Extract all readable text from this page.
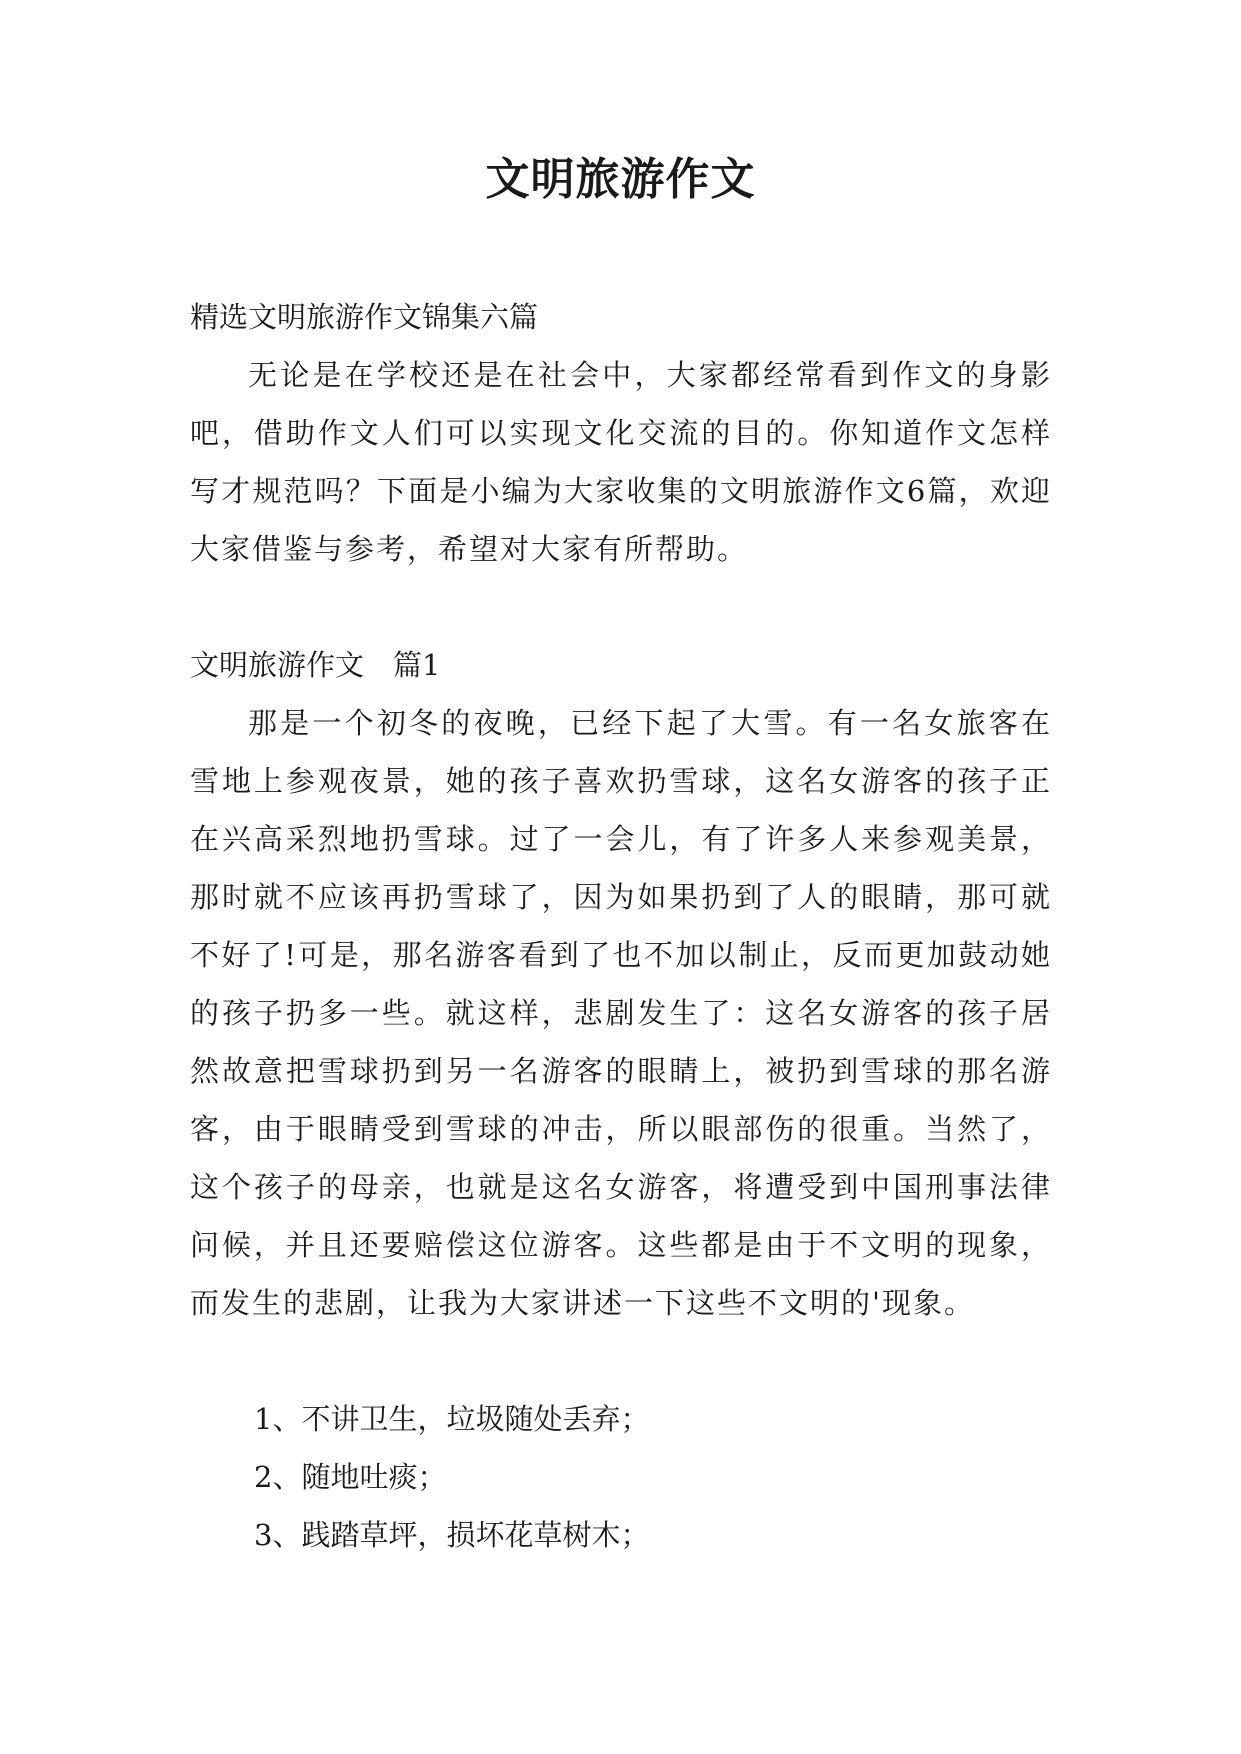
文明旅游作文

精选文明旅游作文锦集六篇

无论是在学校还是在社会中，大家都经常看到作文的身影吧，借助作文人们可以实现文化交流的目的。你知道作文怎样写才规范吗？下面是小编为大家收集的文明旅游作文6篇，欢迎大家借鉴与参考，希望对大家有所帮助。

文明旅游作文　篇1

那是一个初冬的夜晚，已经下起了大雪。有一名女旅客在雪地上参观夜景，她的孩子喜欢扔雪球，这名女游客的孩子正在兴高采烈地扔雪球。过了一会儿，有了许多人来参观美景，那时就不应该再扔雪球了，因为如果扔到了人的眼睛，那可就不好了!可是，那名游客看到了也不加以制止，反而更加鼓动她的孩子扔多一些。就这样，悲剧发生了：这名女游客的孩子居然故意把雪球扔到另一名游客的眼睛上，被扔到雪球的那名游客，由于眼睛受到雪球的冲击，所以眼部伤的很重。当然了，这个孩子的母亲，也就是这名女游客，将遭受到中国刑事法律问候，并且还要赔偿这位游客。这些都是由于不文明的现象，而发生的悲剧，让我为大家讲述一下这些不文明的'现象。

1、不讲卫生，垃圾随处丢弃；
2、随地吐痰；
3、践踏草坪，损坏花草树木；
